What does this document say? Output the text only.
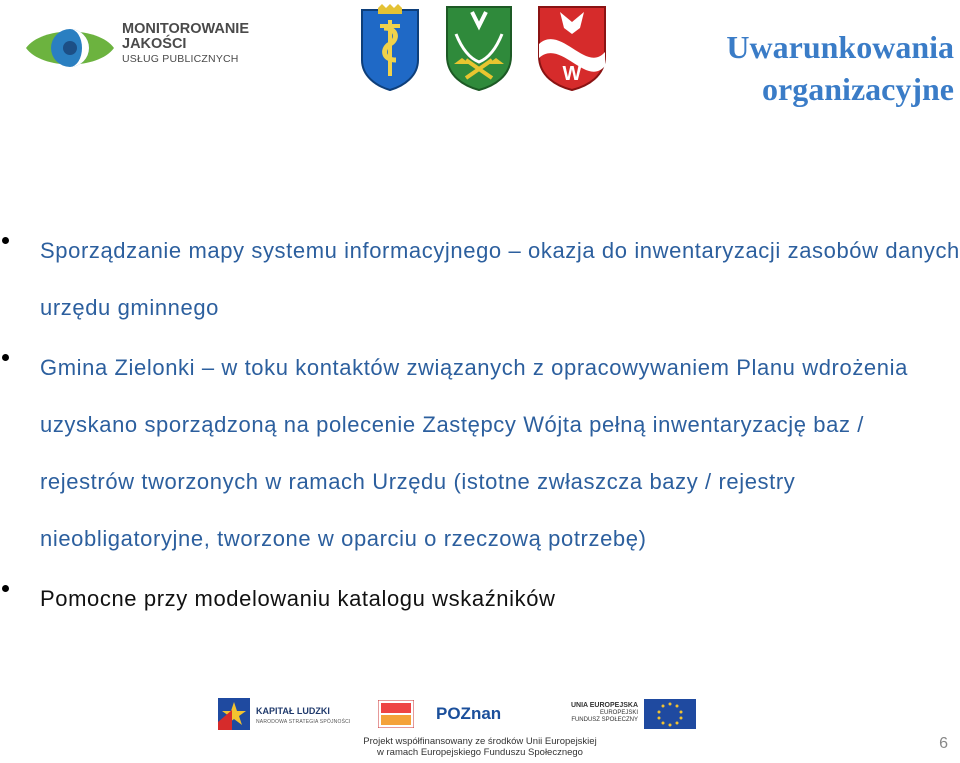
MONITOROWANIE
JAKOŚCI
USŁUG PUBLICZNYCH
W
Uwarunkowania organizacyjne
Sporządzanie mapy systemu informacyjnego – okazja do inwentaryzacji zasobów danych urzędu gminnego
Gmina Zielonki – w toku kontaktów związanych z opracowywaniem Planu wdrożenia uzyskano sporządzoną na polecenie Zastępcy Wójta pełną inwentaryzację baz / rejestrów tworzonych w ramach Urzędu (istotne zwłaszcza bazy / rejestry nieobligatoryjne, tworzone w oparciu o rzeczową potrzebę)
Pomocne przy modelowaniu katalogu wskaźników
KAPITAŁ LUDZKI
NARODOWA STRATEGIA SPÓJNOŚCI	POZnan	UNIA EUROPEJSKA
EUROPEJSKI
FUNDUSZ SPOŁECZNY
Projekt współfinansowany ze środków Unii Europejskiej
w ramach Europejskiego Funduszu Społecznego
6
